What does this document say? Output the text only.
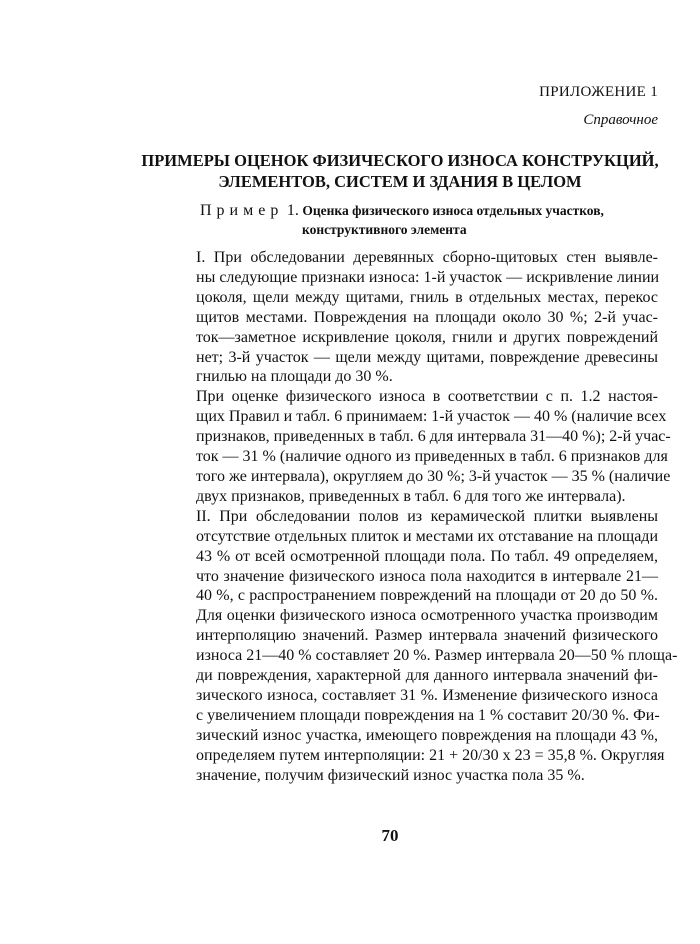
ПРИЛОЖЕНИЕ 1
Справочное
ПРИМЕРЫ ОЦЕНОК ФИЗИЧЕСКОГО ИЗНОСА КОНСТРУКЦИЙ,
ЭЛЕМЕНТОВ, СИСТЕМ И ЗДАНИЯ В ЦЕЛОМ
Пример 1. Оценка физического износа отдельных участков,
конструктивного элемента

I. При обследовании деревянных сборно-щитовых стен выявле-
ны следующие признаки износа: 1-й участок — искривление линии
цоколя, щели между щитами, гниль в отдельных местах, перекос
щитов местами. Повреждения на площади около 30 %; 2-й учас-
ток—заметное искривление цоколя, гнили и других повреждений
нет; 3-й участок — щели между щитами, повреждение древесины
гнилью на площади до 30 %.

При оценке физического износа в соответствии с п. 1.2 настоя-
щих Правил и табл. 6 принимаем: 1-й участок — 40 % (наличие всех
признаков, приведенных в табл. 6 для интервала 31—40 %); 2-й учас-
ток — 31 % (наличие одного из приведенных в табл. 6 признаков для
того же интервала), округляем до 30 %; 3-й участок — 35 % (наличие
двух признаков, приведенных в табл. 6 для того же интервала).

II. При обследовании полов из керамической плитки выявлены
отсутствие отдельных плиток и местами их отставание на площади
43 % от всей осмотренной площади пола. По табл. 49 определяем,
что значение физического износа пола находится в интервале 21—
40 %, с распространением повреждений на площади от 20 до 50 %.
Для оценки физического износа осмотренного участка производим
интерполяцию значений. Размер интервала значений физического
износа 21—40 % составляет 20 %. Размер интервала 20—50 % площа-
ди повреждения, характерной для данного интервала значений фи-
зического износа, составляет 31 %. Изменение физического износа
с увеличением площади повреждения на 1 % составит 20/30 %. Фи-
зический износ участка, имеющего повреждения на площади 43 %,
определяем путем интерполяции: 21 + 20/30 х 23 = 35,8 %. Округляя
значение, получим физический износ участка пола 35 %.

70
